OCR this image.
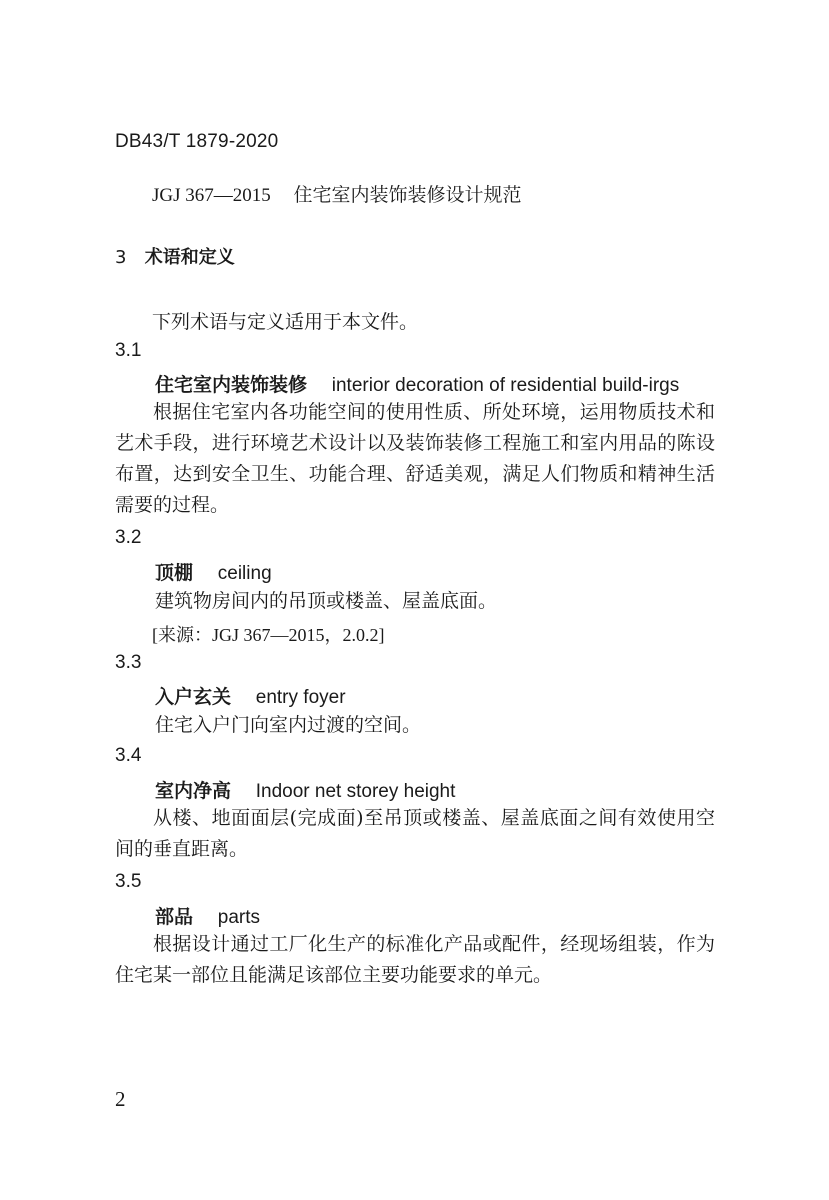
DB43/T 1879-2020
JGJ 367—2015 住宅室内装饰装修设计规范
3 术语和定义
下列术语与定义适用于本文件。
3.1
住宅室内装饰装修 interior decoration of residential build-irgs
根据住宅室内各功能空间的使用性质、所处环境，运用物质技术和艺术手段，进行环境艺术设计以及装饰装修工程施工和室内用品的陈设布置，达到安全卫生、功能合理、舒适美观，满足人们物质和精神生活需要的过程。
3.2
顶棚 ceiling
建筑物房间内的吊顶或楼盖、屋盖底面。
[来源：JGJ 367—2015，2.0.2]
3.3
入户玄关 entry foyer
住宅入户门向室内过渡的空间。
3.4
室内净高 Indoor net storey height
从楼、地面面层(完成面)至吊顶或楼盖、屋盖底面之间有效使用空间的垂直距离。
3.5
部品 parts
根据设计通过工厂化生产的标准化产品或配件，经现场组装，作为住宅某一部位且能满足该部位主要功能要求的单元。
2
